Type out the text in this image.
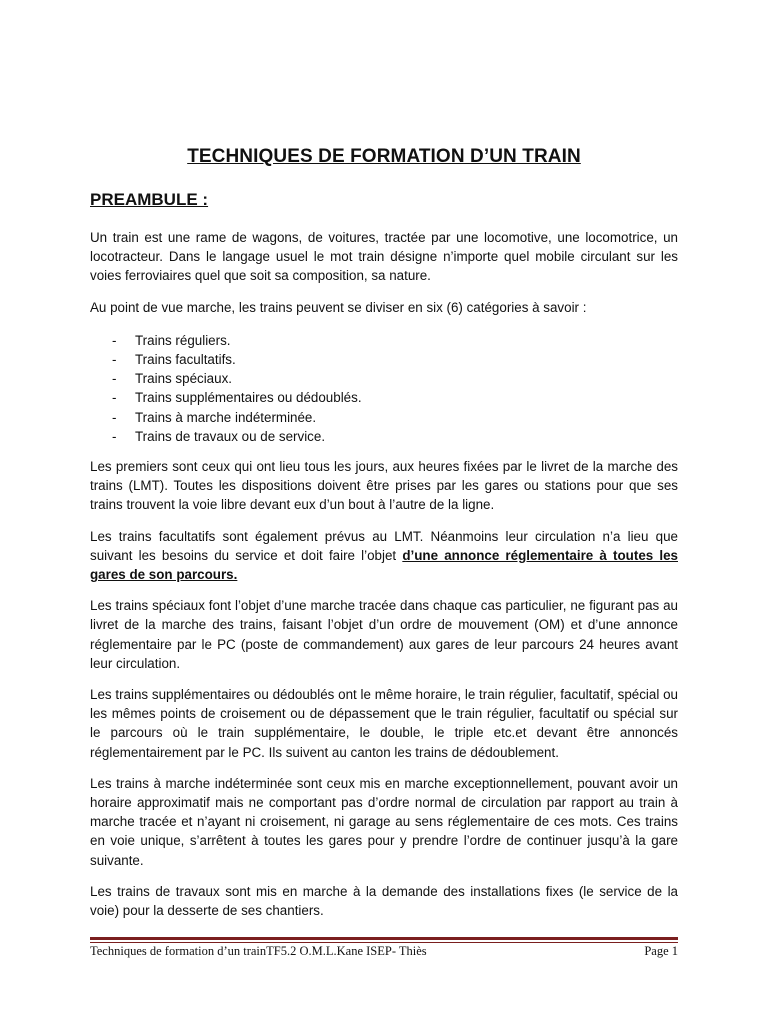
TECHNIQUES DE FORMATION D’UN TRAIN
PREAMBULE :

Un train est une rame de wagons, de voitures, tractée par une locomotive, une locomotrice, un locotracteur. Dans le langage usuel le mot train désigne n’importe quel mobile circulant sur les voies ferroviaires quel que soit sa composition, sa nature.

Au point de vue marche, les trains peuvent se diviser en six (6) catégories à savoir :

- Trains réguliers.
- Trains facultatifs.
- Trains spéciaux.
- Trains supplémentaires ou dédoublés.
- Trains à marche indéterminée.
- Trains de travaux ou de service.

Les premiers sont ceux qui ont lieu tous les jours, aux heures fixées par le livret de la marche des trains (LMT). Toutes les dispositions doivent être prises par les gares ou stations pour que ses trains trouvent la voie libre devant eux d’un bout à l’autre de la ligne.

Les trains facultatifs sont également prévus au LMT. Néanmoins leur circulation n’a lieu que suivant les besoins du service et doit faire l’objet d’une annonce réglementaire à toutes les gares de son parcours.

Les trains spéciaux font l’objet d’une marche tracée dans chaque cas particulier, ne figurant pas au livret de la marche des trains, faisant l’objet d’un ordre de mouvement (OM) et d’une annonce réglementaire par le PC (poste de commandement) aux gares de leur parcours 24 heures avant leur circulation.

Les trains supplémentaires ou dédoublés ont le même horaire, le train régulier, facultatif, spécial ou les mêmes points de croisement ou de dépassement que le train régulier, facultatif ou spécial sur le parcours où le train supplémentaire, le double, le triple etc.et devant être annoncés réglementairement par le PC. Ils suivent au canton les trains de dédoublement.

Les trains à marche indéterminée sont ceux mis en marche exceptionnellement, pouvant avoir un horaire approximatif mais ne comportant pas d’ordre normal de circulation par rapport au train à marche tracée et n’ayant ni croisement, ni garage au sens réglementaire de ces mots. Ces trains en voie unique, s’arrêtent à toutes les gares pour y prendre l’ordre de continuer jusqu’à la gare suivante.

Les trains de travaux sont mis en marche à la demande des installations fixes (le service de la voie) pour la desserte de ses chantiers.

Techniques de formation d’un trainTF5.2 O.M.L.Kane ISEP- Thiès	Page 1
